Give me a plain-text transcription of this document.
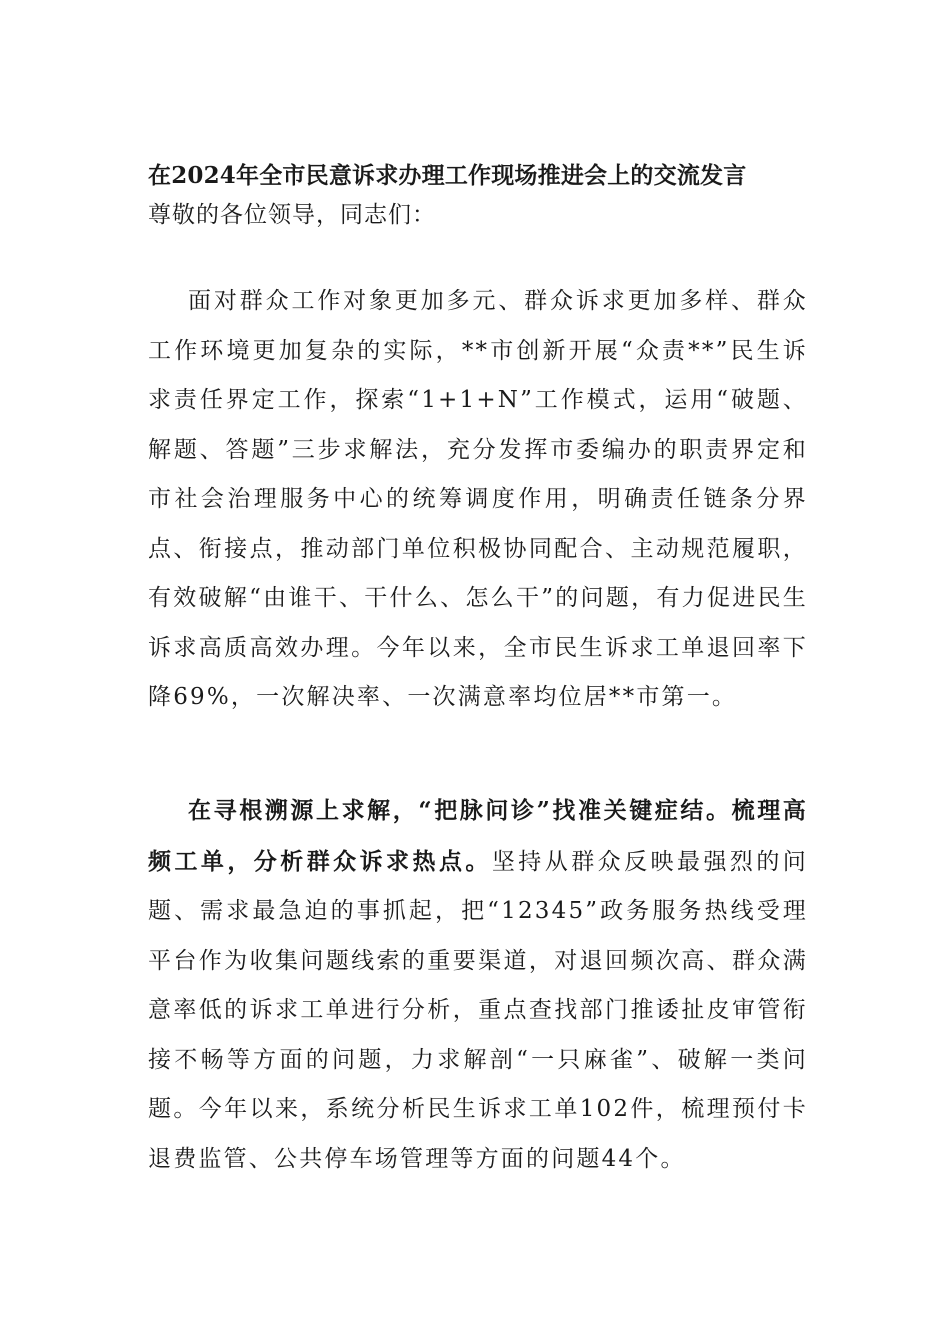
在2024年全市民意诉求办理工作现场推进会上的交流发言
尊敬的各位领导，同志们：

面对群众工作对象更加多元、群众诉求更加多样、群众工作环境更加复杂的实际，**市创新开展“众责**”民生诉求责任界定工作，探索“1+1+N”工作模式，运用“破题、解题、答题”三步求解法，充分发挥市委编办的职责界定和市社会治理服务中心的统筹调度作用，明确责任链条分界点、衔接点，推动部门单位积极协同配合、主动规范履职，有效破解“由谁干、干什么、怎么干”的问题，有力促进民生诉求高质高效办理。今年以来，全市民生诉求工单退回率下降69%，一次解决率、一次满意率均位居**市第一。

在寻根溯源上求解，“把脉问诊”找准关键症结。梳理高频工单，分析群众诉求热点。坚持从群众反映最强烈的问题、需求最急迫的事抓起，把“12345”政务服务热线受理平台作为收集问题线索的重要渠道，对退回频次高、群众满意率低的诉求工单进行分析，重点查找部门推诿扯皮审管衔接不畅等方面的问题，力求解剖“一只麻雀”、破解一类问题。今年以来，系统分析民生诉求工单102件，梳理预付卡退费监管、公共停车场管理等方面的问题44个。
